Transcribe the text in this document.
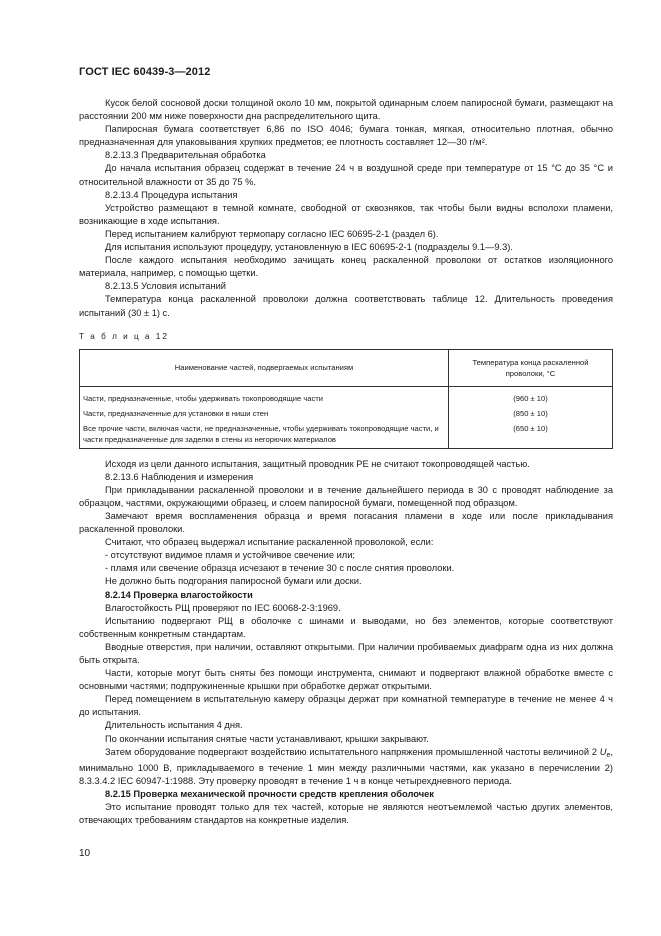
ГОСТ IEC 60439-3—2012

Кусок белой сосновой доски толщиной около 10 мм, покрытой одинарным слоем папиросной бумаги, размещают на расстоянии 200 мм ниже поверхности дна распределительного щита.

Папиросная бумага соответствует 6,86 по ISO 4046; бумага тонкая, мягкая, относительно плотная, обычно предназначенная для упаковывания хрупких предметов; ее плотность составляет 12—30 г/м².

8.2.13.3 Предварительная обработка

До начала испытания образец содержат в течение 24 ч в воздушной среде при температуре от 15 °C до 35 °C и относительной влажности от 35 до 75 %.

8.2.13.4 Процедура испытания

Устройство размещают в темной комнате, свободной от сквозняков, так чтобы были видны всполохи пламени, возникающие в ходе испытания.

Перед испытанием калибруют термопару согласно IEC 60695-2-1 (раздел 6).

Для испытания используют процедуру, установленную в IEC 60695-2-1 (подразделы 9.1—9.3).

После каждого испытания необходимо зачищать конец раскаленной проволоки от остатков изоляционного материала, например, с помощью щетки.

8.2.13.5 Условия испытаний

Температура конца раскаленной проволоки должна соответствовать таблице 12. Длительность проведения испытаний (30 ± 1) с.

Т а б л и ц а 12
Наименование частей, подвергаемых испытаниям	Температура конца раскаленной проволоки, °C
Части, предназначенные, чтобы удерживать токопроводящие части	(960 ± 10)
Части, предназначенные для установки в ниши стен	(850 ± 10)
Все прочие части, включая части, не предназначенные, чтобы удерживать токопроводящие части, и части предназначенные для заделки в стены из негорючих материалов	(650 ± 10)

Исходя из цели данного испытания, защитный проводник PE не считают токопроводящей частью.

8.2.13.6 Наблюдения и измерения

При прикладывании раскаленной проволоки и в течение дальнейшего периода в 30 с проводят наблюдение за образцом, частями, окружающими образец, и слоем папиросной бумаги, помещенной под образцом.

Замечают время воспламенения образца и время погасания пламени в ходе или после прикладывания раскаленной проволоки.

Считают, что образец выдержал испытание раскаленной проволокой, если:

- отсутствуют видимое пламя и устойчивое свечение или;

- пламя или свечение образца исчезают в течение 30 с после снятия проволоки.

Не должно быть подгорания папиросной бумаги или доски.

8.2.14 Проверка влагостойкости

Влагостойкость РЩ проверяют по IEC 60068-2-3:1969.

Испытанию подвергают РЩ в оболочке с шинами и выводами, но без элементов, которые соответствуют собственным конкретным стандартам.

Вводные отверстия, при наличии, оставляют открытыми. При наличии пробиваемых диафрагм одна из них должна быть открыта.

Части, которые могут быть сняты без помощи инструмента, снимают и подвергают влажной обработке вместе с основными частями; подпружиненные крышки при обработке держат открытыми.

Перед помещением в испытательную камеру образцы держат при комнатной температуре в течение не менее 4 ч до испытания.

Длительность испытания 4 дня.

По окончании испытания снятые части устанавливают, крышки закрывают.

Затем оборудование подвергают воздействию испытательного напряжения промышленной частоты величиной 2 $U_e$, минимально 1000 В, прикладываемого в течение 1 мин между различными частями, как указано в перечислении 2) 8.3.3.4.2 IEC 60947-1:1988. Эту проверку проводят в течение 1 ч в конце четырехдневного периода.

8.2.15 Проверка механической прочности средств крепления оболочек

Это испытание проводят только для тех частей, которые не являются неотъемлемой частью других элементов, отвечающих требованиям стандартов на конкретные изделия.

10
